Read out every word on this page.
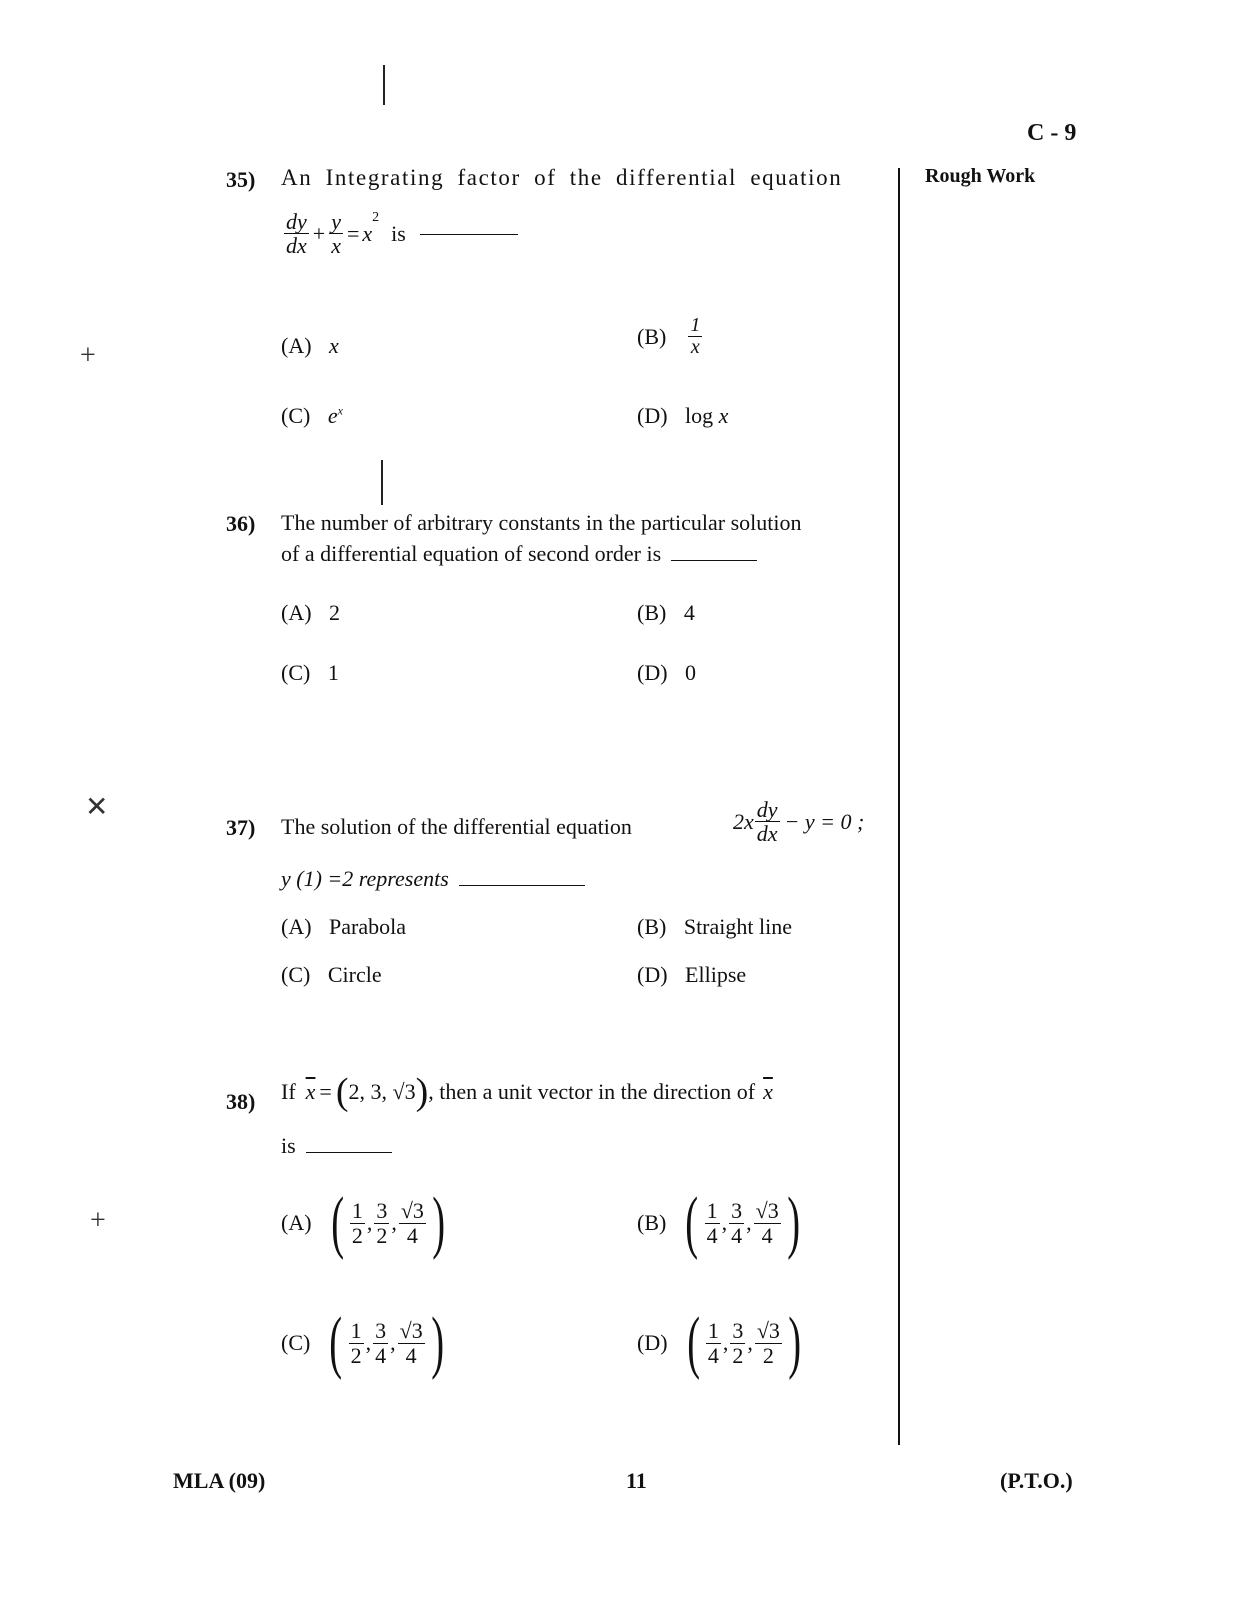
C - 9
Rough Work
+
✕
+
35) An Integrating factor of the differential equation
$\frac{dy}{dx} + \frac{y}{x} = x$
2
is
(A) x	$(B) \frac{1}{x}$
(C) $e^x$	(D) log x
36) The number of arbitrary constants in the particular solution
of a differential equation of second order is
(A) 2	(B) 4
(C) 1	(D) 0
37) The solution of the differential equation	$2x \frac{dy}{dx} - y = 0$ ;
y (1) =2 represents
(A) Parabola	(B) Straight line
(C) Circle	(D) Ellipse
38) If $\overline{x}$ = ( 2, 3, √3 ) , then a unit vector in the direction of $\overline{x}$
is
(A) ( $\frac{1}{2}$ , $\frac{3}{2}$ , $\frac{√3}{4}$ )	(B) ( $\frac{1}{4}$ , $\frac{3}{4}$ , $\frac{√3}{4}$ )
(C) ( $\frac{1}{2}$ , $\frac{3}{4}$ , $\frac{√3}{4}$ )	(D) ( $\frac{1}{4}$ , $\frac{3}{2}$ , $\frac{√3}{2}$ )
MLA (09)	11	(P.T.O.)
